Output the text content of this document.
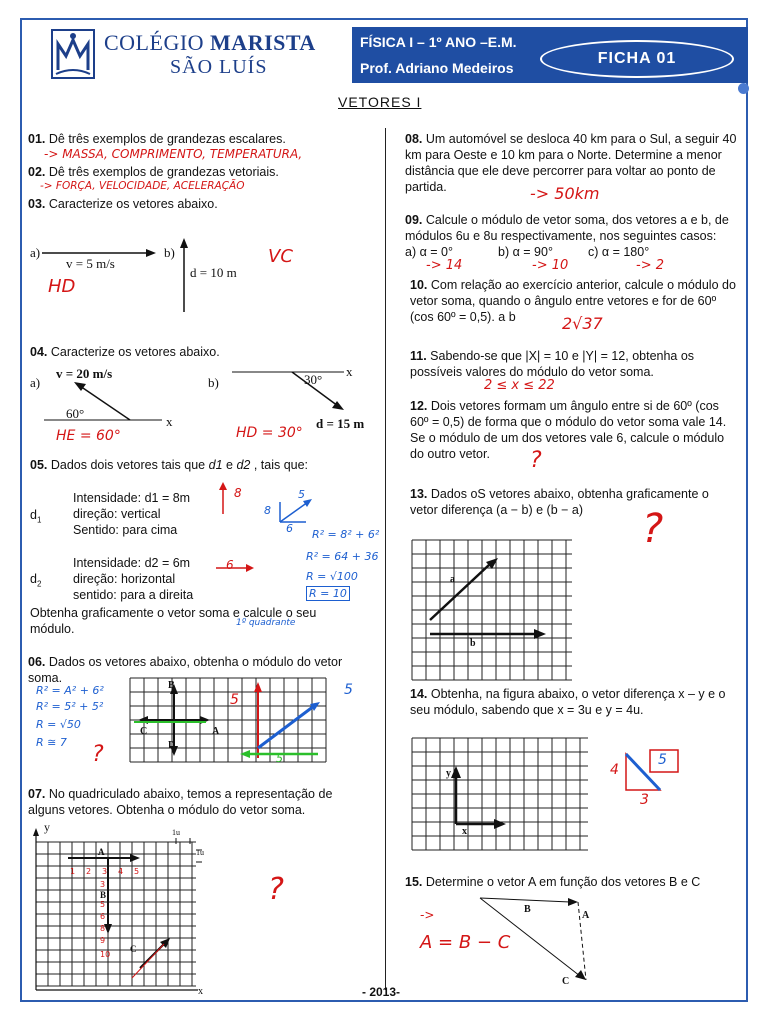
COLÉGIO MARISTA
SÃO LUÍS
FÍSICA I – 1º ANO –E.M.
Prof. Adriano Medeiros
FICHA 01
VETORES I
01. Dê três exemplos de grandezas escalares.
-> MASSA, COMPRIMENTO, TEMPERATURA,
02. Dê três exemplos de grandezas vetoriais.
-> FORÇA, VELOCIDADE, ACELERAÇÃO
03. Caracterize os vetores abaixo.
a)
v = 5 m/s
HD
b)
d = 10 m
VC
04. Caracterize os vetores abaixo.
a)
v = 20 m/s
60°
x
HE = 60°
b)	30°
x
d = 15 m
HD = 30°
05. Dados dois vetores tais que d1 e d2 , tais que:
$d_1$
Intensidade: d1 = 8m
direção: vertical
Sentido: para cima
$d_2$
Intensidade: d2 = 6m
direção: horizontal
sentido: para a direita
Obtenha graficamente o vetor soma e calcule o seu módulo.
8
6
5
8
6 R² = 8² + 6²
R² = 64 + 36
R = √100
R = 10
1º quadrante
06. Dados os vetores abaixo, obtenha o módulo do vetor soma.
B
C	A
D
5
5
5
R² = A² + 6²
R² = 5² + 5²
R = √50
R ≅ 7 ?
07. No quadriculado abaixo, temos a representação de alguns vetores. Obtenha o módulo do vetor soma.
y
x
1u
1u
A
B
C
1 2 3 4 5
3
5
6
8
9
10
?
08. Um automóvel se desloca 40 km para o Sul, a seguir 40 km para Oeste e 10 km para o Norte. Determine a menor distância que ele deve percorrer para voltar ao ponto de partida.	-> 50km
09. Calcule o módulo de vetor soma, dos vetores a e b, de módulos 6u e 8u respectivamente, nos seguintes casos:
a) α = 0°	b) α = 90°	c) α = 180°
-> 14	-> 10	-> 2
10. Com relação ao exercício anterior, calcule o módulo do vetor soma, quando o ângulo entre vetores e for de 60º (cos 60º = 0,5). a b	2√37
11. Sabendo-se que |X| = 10 e |Y| = 12, obtenha os possíveis valores do módulo do vetor soma.
2 ≤ x ≤ 22
12. Dois vetores formam um ângulo entre si de 60º (cos 60º = 0,5) de forma que o módulo do vetor soma vale 14. Se o módulo de um dos vetores vale 6, calcule o módulo do outro vetor.	?
13. Dados oS vetores abaixo, obtenha graficamente o vetor diferença (a − b) e (b − a)
a
b
?
14. Obtenha, na figura abaixo, o vetor diferença x – y e o seu módulo, sabendo que x = 3u e y = 4u.
y
x
4
3
5
15. Determine o vetor A em função dos vetores B e C
B
A
C
->
A = B − C
- 2013-
